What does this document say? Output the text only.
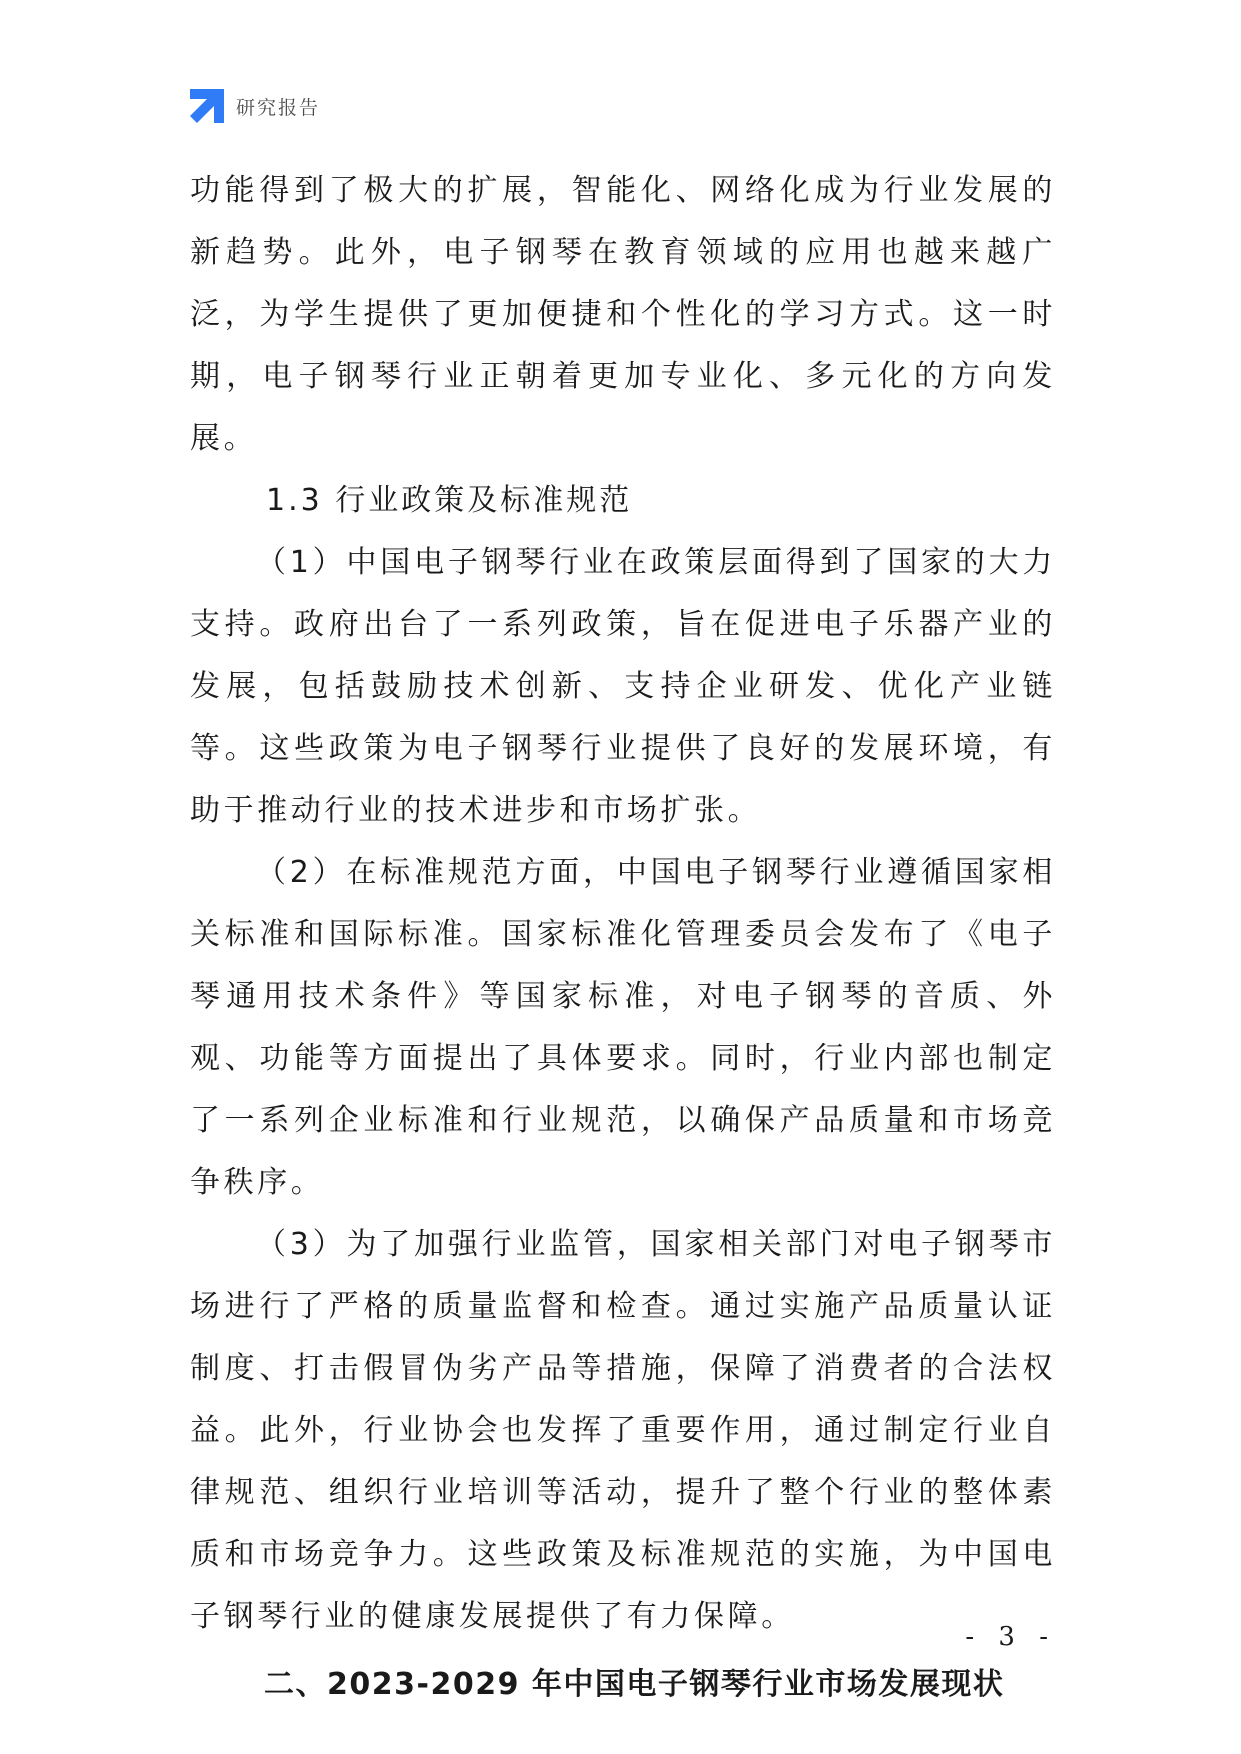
研究报告

功能得到了极大的扩展，智能化、网络化成为行业发展的新趋势。此外，电子钢琴在教育领域的应用也越来越广泛，为学生提供了更加便捷和个性化的学习方式。这一时期，电子钢琴行业正朝着更加专业化、多元化的方向发展。

1.3 行业政策及标准规范

（1）中国电子钢琴行业在政策层面得到了国家的大力支持。政府出台了一系列政策，旨在促进电子乐器产业的发展，包括鼓励技术创新、支持企业研发、优化产业链等。这些政策为电子钢琴行业提供了良好的发展环境，有助于推动行业的技术进步和市场扩张。

（2）在标准规范方面，中国电子钢琴行业遵循国家相关标准和国际标准。国家标准化管理委员会发布了《电子琴通用技术条件》等国家标准，对电子钢琴的音质、外观、功能等方面提出了具体要求。同时，行业内部也制定了一系列企业标准和行业规范，以确保产品质量和市场竞争秩序。

（3）为了加强行业监管，国家相关部门对电子钢琴市场进行了严格的质量监督和检查。通过实施产品质量认证制度、打击假冒伪劣产品等措施，保障了消费者的合法权益。此外，行业协会也发挥了重要作用，通过制定行业自律规范、组织行业培训等活动，提升了整个行业的整体素质和市场竞争力。这些政策及标准规范的实施，为中国电子钢琴行业的健康发展提供了有力保障。

二、2023-2029 年中国电子钢琴行业市场发展现状

- 3 -
